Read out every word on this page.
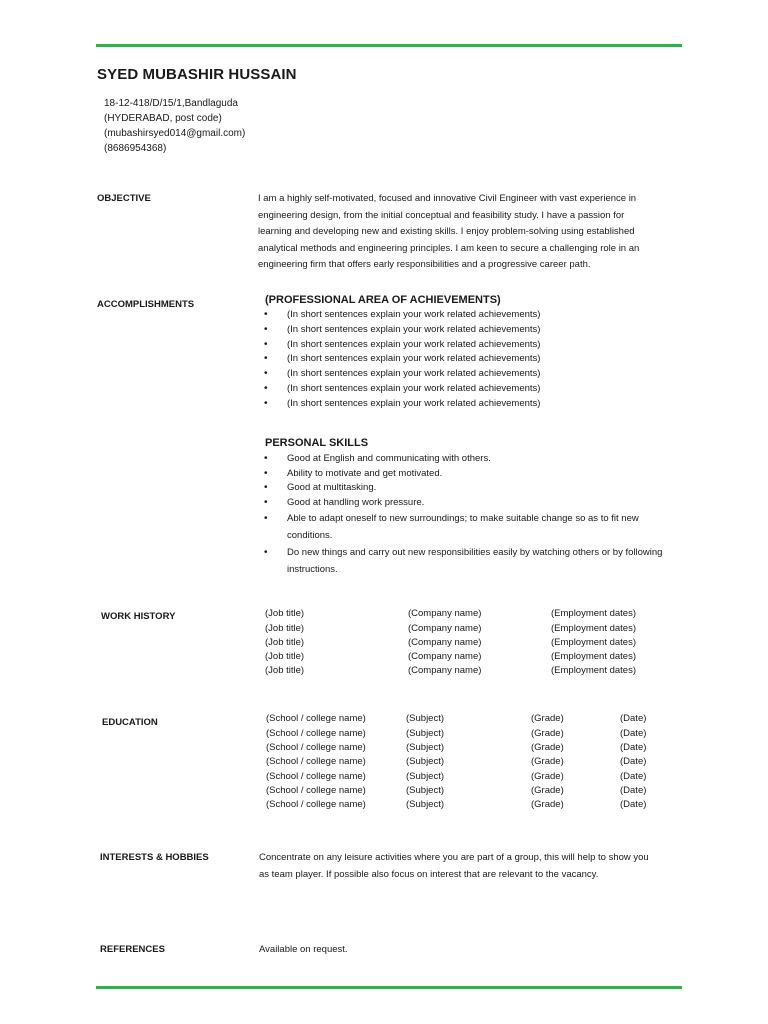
SYED MUBASHIR HUSSAIN
18-12-418/D/15/1,Bandlaguda
(HYDERABAD, post code)
(mubashirsyed014@gmail.com)
(8686954368)
OBJECTIVE	I am a highly self-motivated, focused and innovative Civil Engineer with vast experience in
engineering design, from the initial conceptual and feasibility study. I have a passion for
learning and developing new and existing skills. I enjoy problem-solving using established
analytical methods and engineering principles. I am keen to secure a challenging role in an
engineering firm that offers early responsibilities and a progressive career path.
ACCOMPLISHMENTS	(PROFESSIONAL AREA OF ACHIEVEMENTS)
• (In short sentences explain your work related achievements)
• (In short sentences explain your work related achievements)
• (In short sentences explain your work related achievements)
• (In short sentences explain your work related achievements)
• (In short sentences explain your work related achievements)
• (In short sentences explain your work related achievements)
• (In short sentences explain your work related achievements)
PERSONAL SKILLS
• Good at English and communicating with others.
• Ability to motivate and get motivated.
• Good at multitasking.
• Good at handling work pressure.
• Able to adapt oneself to new surroundings; to make suitable change so as to fit new conditions.
• Do new things and carry out new responsibilities easily by watching others or by following instructions.
WORK HISTORY	(Job title)	(Company name)	(Employment dates)
(Job title)	(Company name)	(Employment dates)
(Job title)	(Company name)	(Employment dates)
(Job title)	(Company name)	(Employment dates)
(Job title)	(Company name)	(Employment dates)
EDUCATION	(School / college name)	(Subject)	(Grade)	(Date)
(School / college name)	(Subject)	(Grade)	(Date)
(School / college name)	(Subject)	(Grade)	(Date)
(School / college name)	(Subject)	(Grade)	(Date)
(School / college name)	(Subject)	(Grade)	(Date)
(School / college name)	(Subject)	(Grade)	(Date)
(School / college name)	(Subject)	(Grade)	(Date)
INTERESTS & HOBBIES	Concentrate on any leisure activities where you are part of a group, this will help to show you
as team player. If possible also focus on interest that are relevant to the vacancy.
REFERENCES	Available on request.
